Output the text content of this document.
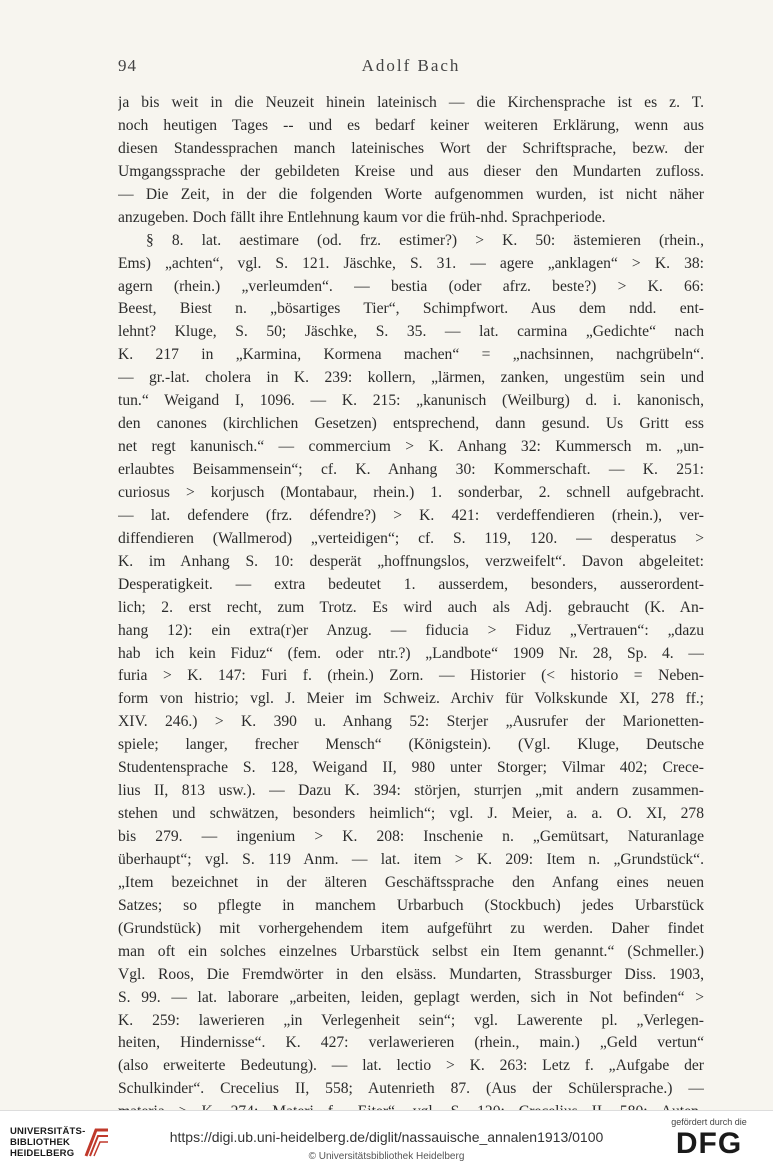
94	Adolf Bach
ja bis weit in die Neuzeit hinein lateinisch — die Kirchensprache ist es z. T.
noch heutigen Tages -- und es bedarf keiner weiteren Erklärung, wenn aus
diesen Standessprachen manch lateinisches Wort der Schriftsprache, bezw. der
Umgangssprache der gebildeten Kreise und aus dieser den Mundarten zufloss.
— Die Zeit, in der die folgenden Worte aufgenommen wurden, ist nicht näher
anzugeben. Doch fällt ihre Entlehnung kaum vor die früh-nhd. Sprachperiode.
§ 8. lat. aestimare (od. frz. estimer?) > K. 50: ästemieren (rhein.,
Ems) „achten“, vgl. S. 121. Jäschke, S. 31. — agere „anklagen“ > K. 38:
agern (rhein.) „verleumden“. — bestia (oder afrz. beste?) > K. 66:
Beest, Biest n. „bösartiges Tier“, Schimpfwort. Aus dem ndd. ent-
lehnt? Kluge, S. 50; Jäschke, S. 35. — lat. carmina „Gedichte“ nach
K. 217 in „Karmina, Kormena machen“ = „nachsinnen, nachgrübeln“.
— gr.-lat. cholera in K. 239: kollern, „lärmen, zanken, ungestüm sein und
tun.“ Weigand I, 1096. — K. 215: „kanunisch (Weilburg) d. i. kanonisch,
den canones (kirchlichen Gesetzen) entsprechend, dann gesund. Us Gritt ess
net regt kanunisch.“ — commercium > K. Anhang 32: Kummersch m. „un-
erlaubtes Beisammensein“; cf. K. Anhang 30: Kommerschaft. — K. 251:
curiosus > korjusch (Montabaur, rhein.) 1. sonderbar, 2. schnell aufgebracht.
— lat. defendere (frz. défendre?) > K. 421: verdeffendieren (rhein.), ver-
diffendieren (Wallmerod) „verteidigen“; cf. S. 119, 120. — desperatus >
K. im Anhang S. 10: desperät „hoffnungslos, verzweifelt“. Davon abgeleitet:
Desperatigkeit. — extra bedeutet 1. ausserdem, besonders, ausserordent-
lich; 2. erst recht, zum Trotz. Es wird auch als Adj. gebraucht (K. An-
hang 12): ein extra(r)er Anzug. — fiducia > Fiduz „Vertrauen“: „dazu
hab ich kein Fiduz“ (fem. oder ntr.?) „Landbote“ 1909 Nr. 28, Sp. 4. —
furia > K. 147: Furi f. (rhein.) Zorn. — Historier (< historio = Neben-
form von histrio; vgl. J. Meier im Schweiz. Archiv für Volkskunde XI, 278 ff.;
XIV. 246.) > K. 390 u. Anhang 52: Sterjer „Ausrufer der Marionetten-
spiele; langer, frecher Mensch“ (Königstein). (Vgl. Kluge, Deutsche
Studentensprache S. 128, Weigand II, 980 unter Storger; Vilmar 402; Crece-
lius II, 813 usw.). — Dazu K. 394: störjen, sturrjen „mit andern zusammen-
stehen und schwätzen, besonders heimlich“; vgl. J. Meier, a. a. O. XI, 278
bis 279. — ingenium > K. 208: Inschenie n. „Gemütsart, Naturanlage
überhaupt“; vgl. S. 119 Anm. — lat. item > K. 209: Item n. „Grundstück“.
„Item bezeichnet in der älteren Geschäftssprache den Anfang eines neuen
Satzes; so pflegte in manchem Urbarbuch (Stockbuch) jedes Urbarstück
(Grundstück) mit vorhergehendem item aufgeführt zu werden. Daher findet
man oft ein solches einzelnes Urbarstück selbst ein Item genannt.“ (Schmeller.)
Vgl. Roos, Die Fremdwörter in den elsäss. Mundarten, Strassburger Diss. 1903,
S. 99. — lat. laborare „arbeiten, leiden, geplagt werden, sich in Not befinden“ >
K. 259: lawerieren „in Verlegenheit sein“; vgl. Lawerente pl. „Verlegen-
heiten, Hindernisse“. K. 427: verlawerieren (rhein., main.) „Geld vertun“
(also erweiterte Bedeutung). — lat. lectio > K. 263: Letz f. „Aufgabe der
Schulkinder“. Crecelius II, 558; Autenrieth 87. (Aus der Schülersprache.) —
UNIVERSITÄTS- BIBLIOTHEK HEIDELBERG
https://digi.ub.uni-heidelberg.de/diglit/nassauische_annalen1913/0100
© Universitätsbibliothek Heidelberg
gefördert durch die
DFG
